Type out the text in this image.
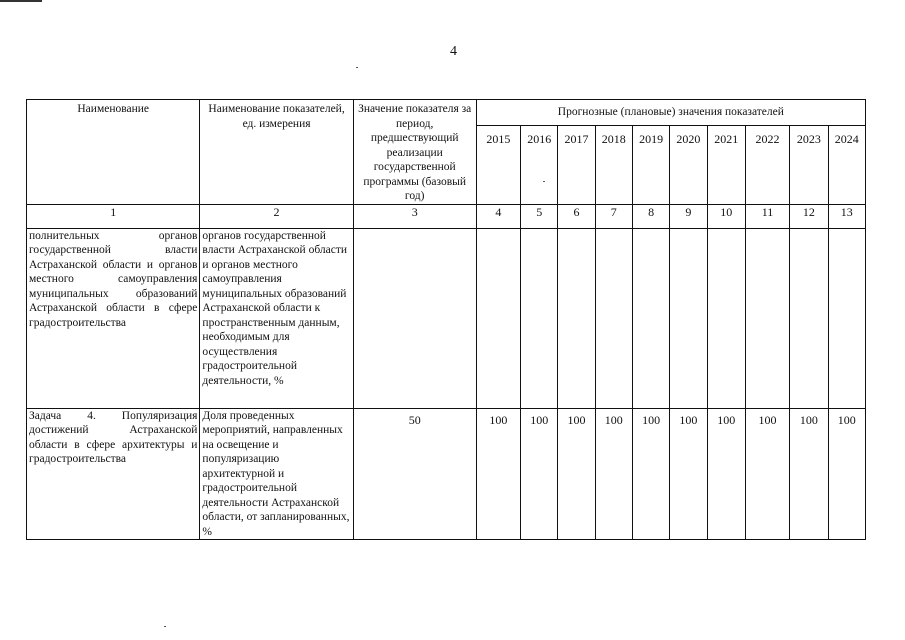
4
Наименование	Наименование показателей, ед. измерения	Значение показателя за период, предшествующий реализации государственной программы (базовый год)	Прогнозные (плановые) значения показателей									
			2015	2016	2017	2018	2019	2020	2021	2022	2023	2024
1	2	3	4	5	6	7	8	9	10	11	12	13
полнительных органов государственной власти Астраханской области и органов местного самоуправления муниципальных образований Астраханской области в сфере градостроительства	органов государственной власти Астраханской области и органов местного самоуправления муниципальных образований Астраханской области к пространственным данным, необходимым для осуществления градостроительной деятельности, %											
Задача 4. Популяризация достижений Астраханской области в сфере архитектуры и градостроительства	Доля проведенных мероприятий, направленных на освещение и популяризацию архитектурной и градостроительной деятельности Астраханской области, от запланированных, %	50	100	100	100	100	100	100	100	100	100	100
